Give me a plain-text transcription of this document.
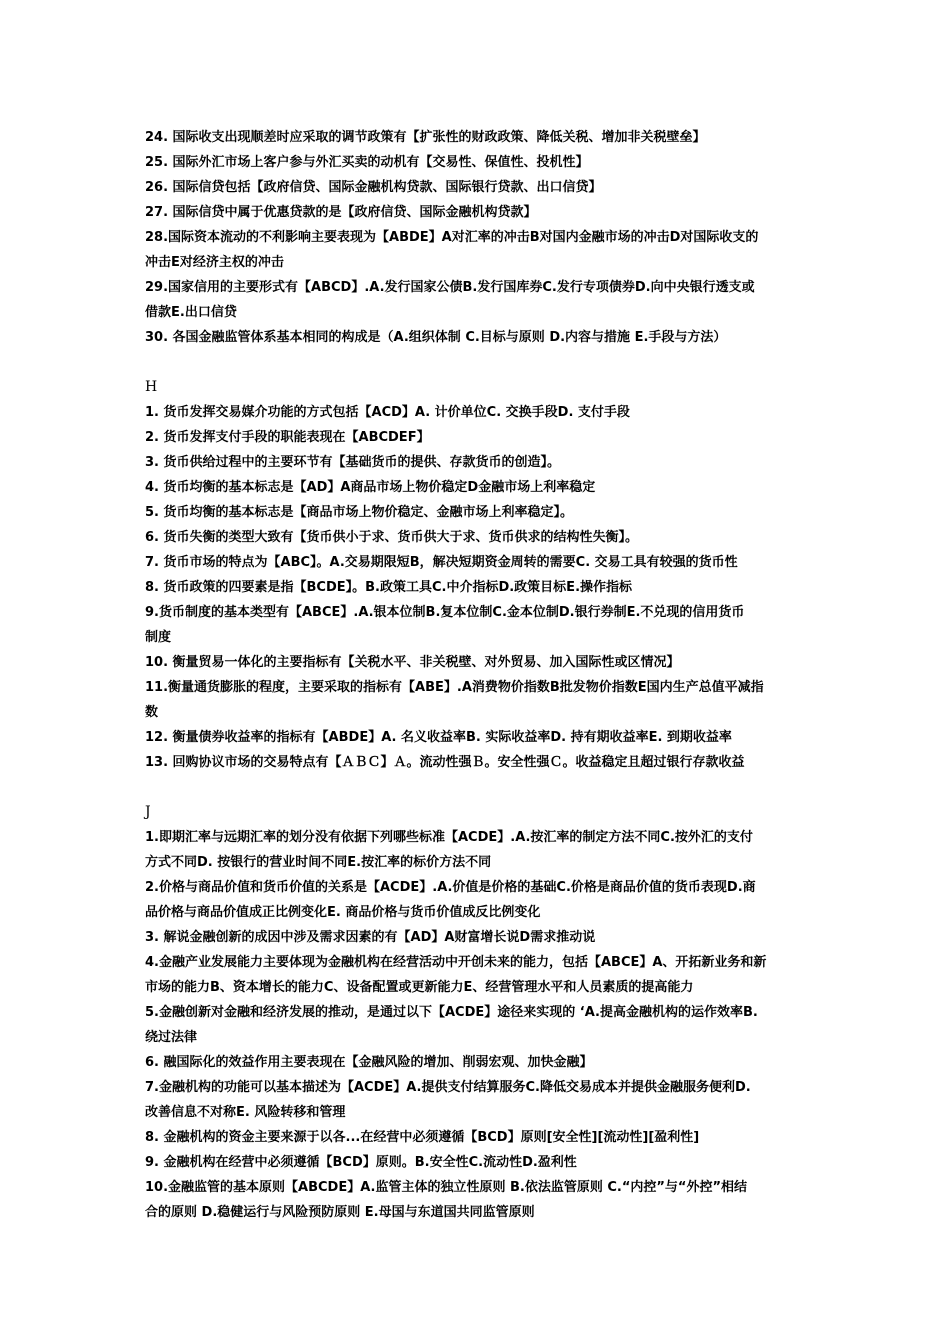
24. 国际收支出现顺差时应采取的调节政策有【扩张性的财政政策、降低关税、增加非关税壁垒】
25. 国际外汇市场上客户参与外汇买卖的动机有【交易性、保值性、投机性】
26. 国际信贷包括【政府信贷、国际金融机构贷款、国际银行贷款、出口信贷】
27. 国际信贷中属于优惠贷款的是【政府信贷、国际金融机构贷款】
28.国际资本流动的不利影响主要表现为【ABDE】A对汇率的冲击B对国内金融市场的冲击D对国际收支的
冲击E对经济主权的冲击
29.国家信用的主要形式有【ABCD】.A.发行国家公债B.发行国库券C.发行专项债券D.向中央银行透支或
借款E.出口信贷
30. 各国金融监管体系基本相同的构成是（A.组织体制 C.目标与原则 D.内容与措施 E.手段与方法）
H
1. 货币发挥交易媒介功能的方式包括【ACD】A. 计价单位C. 交换手段D. 支付手段
2. 货币发挥支付手段的职能表现在【ABCDEF】
3. 货币供给过程中的主要环节有【基础货币的提供、存款货币的创造】。
4. 货币均衡的基本标志是【AD】A商品市场上物价稳定D金融市场上利率稳定
5. 货币均衡的基本标志是【商品市场上物价稳定、金融市场上利率稳定】。
6. 货币失衡的类型大致有【货币供小于求、货币供大于求、货币供求的结构性失衡】。
7. 货币市场的特点为【ABC】。A.交易期限短B，解决短期资金周转的需要C. 交易工具有较强的货币性
8. 货币政策的四要素是指【BCDE】。B.政策工具C.中介指标D.政策目标E.操作指标
9.货币制度的基本类型有【ABCE】.A.银本位制B.复本位制C.金本位制D.银行券制E.不兑现的信用货币
制度
10. 衡量贸易一体化的主要指标有【关税水平、非关税壁、对外贸易、加入国际性或区情况】
11.衡量通货膨胀的程度，主要采取的指标有【ABE】.A消费物价指数B批发物价指数E国内生产总值平减指
数
12. 衡量债券收益率的指标有【ABDE】A. 名义收益率B. 实际收益率D. 持有期收益率E. 到期收益率
13. 回购协议市场的交易特点有【ＡＢＣ】Ａ。流动性强Ｂ。安全性强Ｃ。收益稳定且超过银行存款收益
J
1.即期汇率与远期汇率的划分没有依据下列哪些标准【ACDE】.A.按汇率的制定方法不同C.按外汇的支付
方式不同D. 按银行的营业时间不同E.按汇率的标价方法不同
2.价格与商品价值和货币价值的关系是【ACDE】.A.价值是价格的基础C.价格是商品价值的货币表现D.商
品价格与商品价值成正比例变化E. 商品价格与货币价值成反比例变化
3. 解说金融创新的成因中涉及需求因素的有【AD】A财富增长说D需求推动说
4.金融产业发展能力主要体现为金融机构在经营活动中开创未来的能力，包括【ABCE】A、开拓新业务和新
市场的能力B、资本增长的能力C、设备配置或更新能力E、经营管理水平和人员素质的提高能力
5.金融创新对金融和经济发展的推动，是通过以下【ACDE】途径来实现的 ‘A.提高金融机构的运作效率B.
绕过法律
6. 融国际化的效益作用主要表现在【金融风险的增加、削弱宏观、加快金融】
7.金融机构的功能可以基本描述为【ACDE】A.提供支付结算服务C.降低交易成本并提供金融服务便利D.
改善信息不对称E. 风险转移和管理
8. 金融机构的资金主要来源于以各...在经营中必须遵循【BCD】原则[安全性][流动性][盈利性]
9. 金融机构在经营中必须遵循【BCD】原则。B.安全性C.流动性D.盈利性
10.金融监管的基本原则【ABCDE】A.监管主体的独立性原则 B.依法监管原则 C.“内控”与“外控”相结
合的原则 D.稳健运行与风险预防原则 E.母国与东道国共同监管原则
